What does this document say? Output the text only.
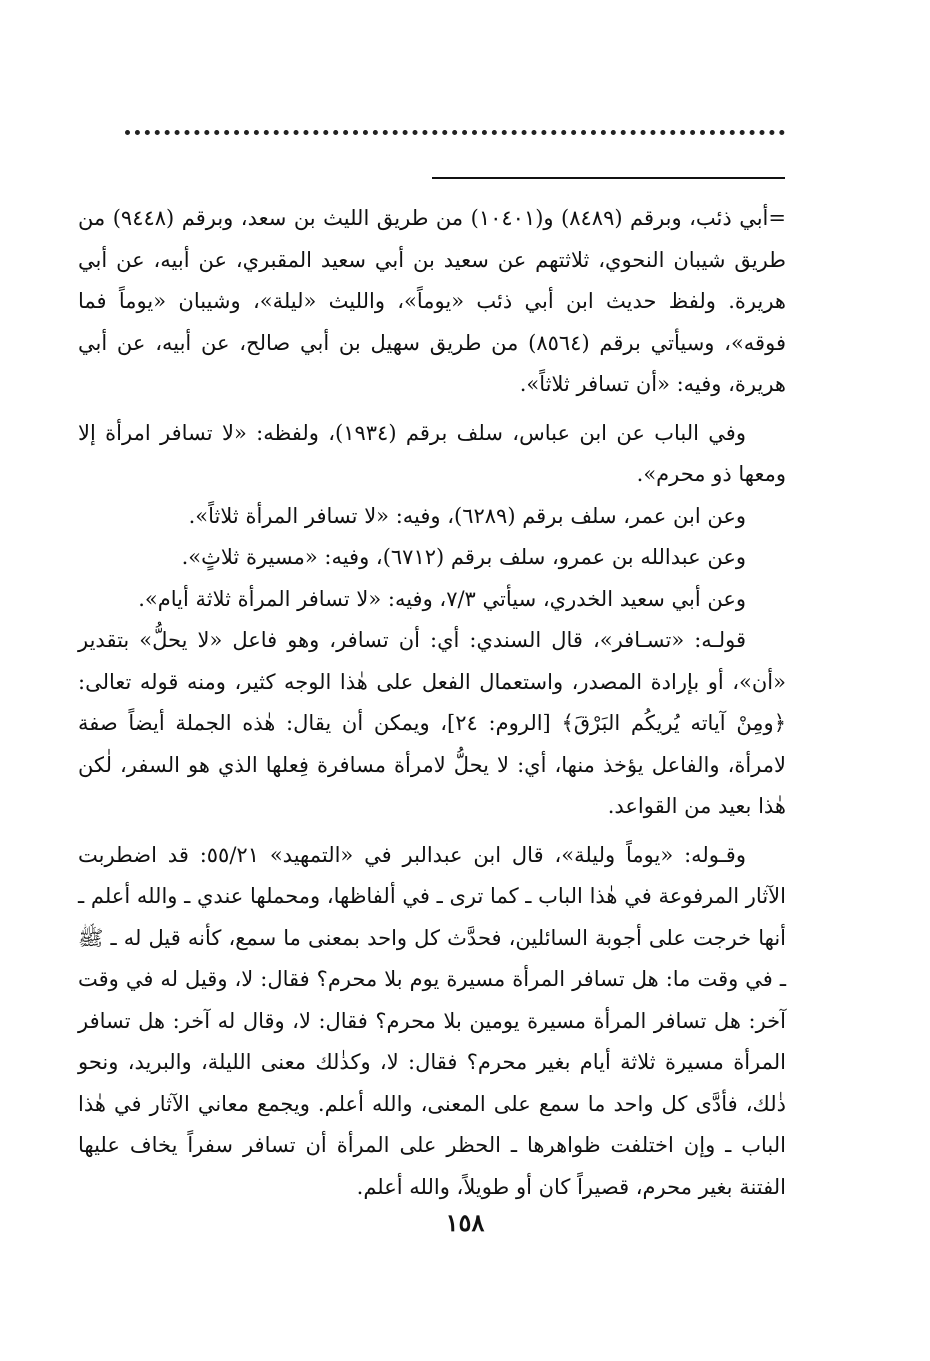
=أبي ذئب، وبرقم (٨٤٨٩) و(١٠٤٠١) من طريق الليث بن سعد، وبرقم (٩٤٤٨) من طريق شيبان النحوي، ثلاثتهم عن سعيد بن أبي سعيد المقبري، عن أبيه، عن أبي هريرة. ولفظ حديث ابن أبي ذئب «يوماً»، والليث «ليلة»، وشيبان «يوماً فما فوقه»، وسيأتي برقم (٨٥٦٤) من طريق سهيل بن أبي صالح، عن أبيه، عن أبي هريرة، وفيه: «أن تسافر ثلاثاً».

وفي الباب عن ابن عباس، سلف برقم (١٩٣٤)، ولفظه: «لا تسافر امرأة إلا ومعها ذو محرم».

وعن ابن عمر، سلف برقم (٦٢٨٩)، وفيه: «لا تسافر المرأة ثلاثاً».

وعن عبدالله بن عمرو، سلف برقم (٦٧١٢)، وفيه: «مسيرة ثلاثٍ».

وعن أبي سعيد الخدري، سيأتي ٧/٣، وفيه: «لا تسافر المرأة ثلاثة أيام».

قولـه: «تسـافر»، قال السندي: أي: أن تسافر، وهو فاعل «لا يحلُّ» بتقدير «أن»، أو بإرادة المصدر، واستعمال الفعل على هٰذا الوجه كثير، ومنه قوله تعالى: ﴿ومِنْ آياته يُريكُم البَرْقَ﴾ [الروم: ٢٤]، ويمكن أن يقال: هٰذه الجملة أيضاً صفة لامرأة، والفاعل يؤخذ منها، أي: لا يحلُّ لامرأة مسافرة فِعلها الذي هو السفر، لٰكن هٰذا بعيد من القواعد.

وقـوله: «يوماً وليلة»، قال ابن عبدالبر في «التمهيد» ٥٥/٢١: قد اضطربت الآثار المرفوعة في هٰذا الباب ـ كما ترى ـ في ألفاظها، ومحملها عندي ـ والله أعلم ـ أنها خرجت على أجوبة السائلين، فحدَّث كل واحد بمعنى ما سمع، كأنه قيل له ـ ﷺ ـ في وقت ما: هل تسافر المرأة مسيرة يوم بلا محرم؟ فقال: لا، وقيل له في وقت آخر: هل تسافر المرأة مسيرة يومين بلا محرم؟ فقال: لا، وقال له آخر: هل تسافر المرأة مسيرة ثلاثة أيام بغير محرم؟ فقال: لا، وكذٰلك معنى الليلة، والبريد، ونحو ذٰلك، فأدَّى كل واحد ما سمع على المعنى، والله أعلم. ويجمع معاني الآثار في هٰذا الباب ـ وإن اختلفت ظواهرها ـ الحظر على المرأة أن تسافر سفراً يخاف عليها الفتنة بغير محرم، قصيراً كان أو طويلاً، والله أعلم.

١٥٨
